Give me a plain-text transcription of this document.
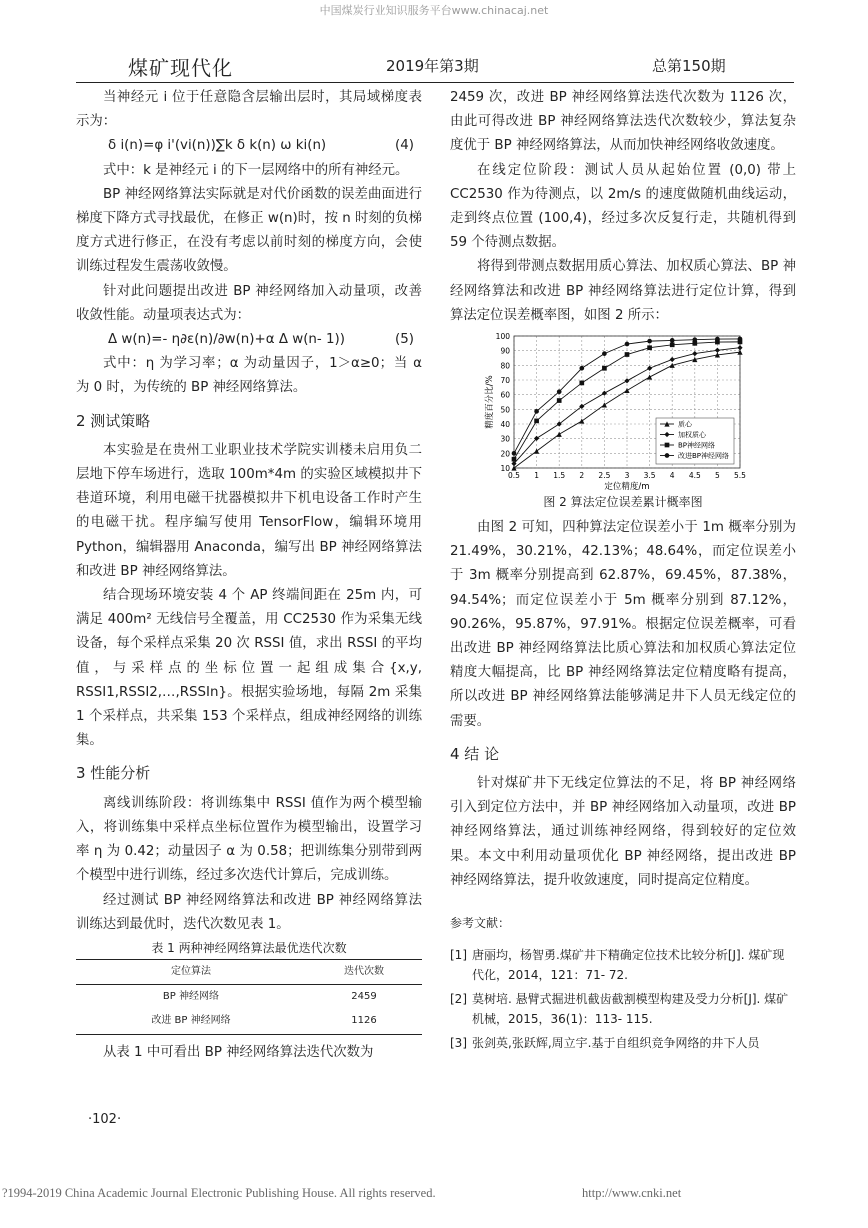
中国煤炭行业知识服务平台www.chinacaj.net
煤矿现代化	2019年第3期	总第150期

当神经元 i 位于任意隐含层输出层时，其局域梯度表示为：

δ i(n)=φ i'(vi(n))∑k δ k(n) ω ki(n)	(4)

式中：k 是神经元 i 的下一层网络中的所有神经元。

BP 神经网络算法实际就是对代价函数的误差曲面进行梯度下降方式寻找最优，在修正 w(n)时，按 n 时刻的负梯度方式进行修正，在没有考虑以前时刻的梯度方向，会使训练过程发生震荡收敛慢。

针对此问题提出改进 BP 神经网络加入动量项，改善收敛性能。动量项表达式为：

Δ w(n)=- η∂ε(n)/∂w(n)+α Δ w(n- 1))	(5)

式中：η 为学习率；α 为动量因子，1＞α≥0；当 α 为 0 时，为传统的 BP 神经网络算法。

2 测试策略

本实验是在贵州工业职业技术学院实训楼未启用负二层地下停车场进行，选取 100m*4m 的实验区域模拟井下巷道环境，利用电磁干扰器模拟井下机电设备工作时产生的电磁干扰。程序编写使用 TensorFlow，编辑环境用 Python，编辑器用 Anaconda，编写出 BP 神经网络算法和改进 BP 神经网络算法。

结合现场环境安装 4 个 AP 终端间距在 25m 内，可满足 400m² 无线信号全覆盖，用 CC2530 作为采集无线设备，每个采样点采集 20 次 RSSI 值，求出 RSSI 的平均值，与采样点的坐标位置一起组成集合{x,y, RSSI1,RSSI2,…,RSSIn}。根据实验场地，每隔 2m 采集 1 个采样点，共采集 153 个采样点，组成神经网络的训练集。

3 性能分析

离线训练阶段：将训练集中 RSSI 值作为两个模型输入，将训练集中采样点坐标位置作为模型输出，设置学习率 η 为 0.42；动量因子 α 为 0.58；把训练集分别带到两个模型中进行训练，经过多次迭代计算后，完成训练。

经过测试 BP 神经网络算法和改进 BP 神经网络算法训练达到最优时，迭代次数见表 1。

表 1 两种神经网络算法最优迭代次数
定位算法	迭代次数
BP 神经网络	2459
改进 BP 神经网络	1126

从表 1 中可看出 BP 神经网络算法迭代次数为

2459 次，改进 BP 神经网络算法迭代次数为 1126 次，由此可得改进 BP 神经网络算法迭代次数较少，算法复杂度优于 BP 神经网络算法，从而加快神经网络收敛速度。

在线定位阶段：测试人员从起始位置 (0,0) 带上 CC2530 作为待测点，以 2m/s 的速度做随机曲线运动，走到终点位置 (100,4)，经过多次反复行走，共随机得到 59 个待测点数据。

将得到带测点数据用质心算法、加权质心算法、BP 神经网络算法和改进 BP 神经网络算法进行定位计算，得到算法定位误差概率图，如图 2 所示：

10
20
30
40
50
60
70
80
90
100
0.5 1 1.5 2 2.5 3 3.5 4 4.5 5 5.5
定位精度/m
精度百分比/%	质心
加权质心
BP神经网络
改进BP神经网络
图 2 算法定位误差累计概率图

由图 2 可知，四种算法定位误差小于 1m 概率分别为 21.49%，30.21%，42.13%；48.64%，而定位误差小于 3m 概率分别提高到 62.87%，69.45%，87.38%，94.54%；而定位误差小于 5m 概率分别到 87.12%，90.26%，95.87%，97.91%。根据定位误差概率，可看出改进 BP 神经网络算法比质心算法和加权质心算法定位精度大幅提高，比 BP 神经网络算法定位精度略有提高，所以改进 BP 神经网络算法能够满足井下人员无线定位的需要。

4 结 论

针对煤矿井下无线定位算法的不足，将 BP 神经网络引入到定位方法中，并 BP 神经网络加入动量项，改进 BP 神经网络算法，通过训练神经网络，得到较好的定位效果。本文中利用动量项优化 BP 神经网络，提出改进 BP 神经网络算法，提升收敛速度，同时提高定位精度。

参考文献：
[1] 唐丽均，杨智勇.煤矿井下精确定位技术比较分析[J]. 煤矿现代化，2014，121：71- 72.
[2] 莫树培. 悬臂式掘进机截齿截割模型构建及受力分析[J]. 煤矿机械，2015，36(1)：113- 115.
[3] 张剑英,张跃辉,周立宇.基于自组织竞争网络的井下人员
·102·
?1994-2019 China Academic Journal Electronic Publishing House. All rights reserved.	http://www.cnki.net
